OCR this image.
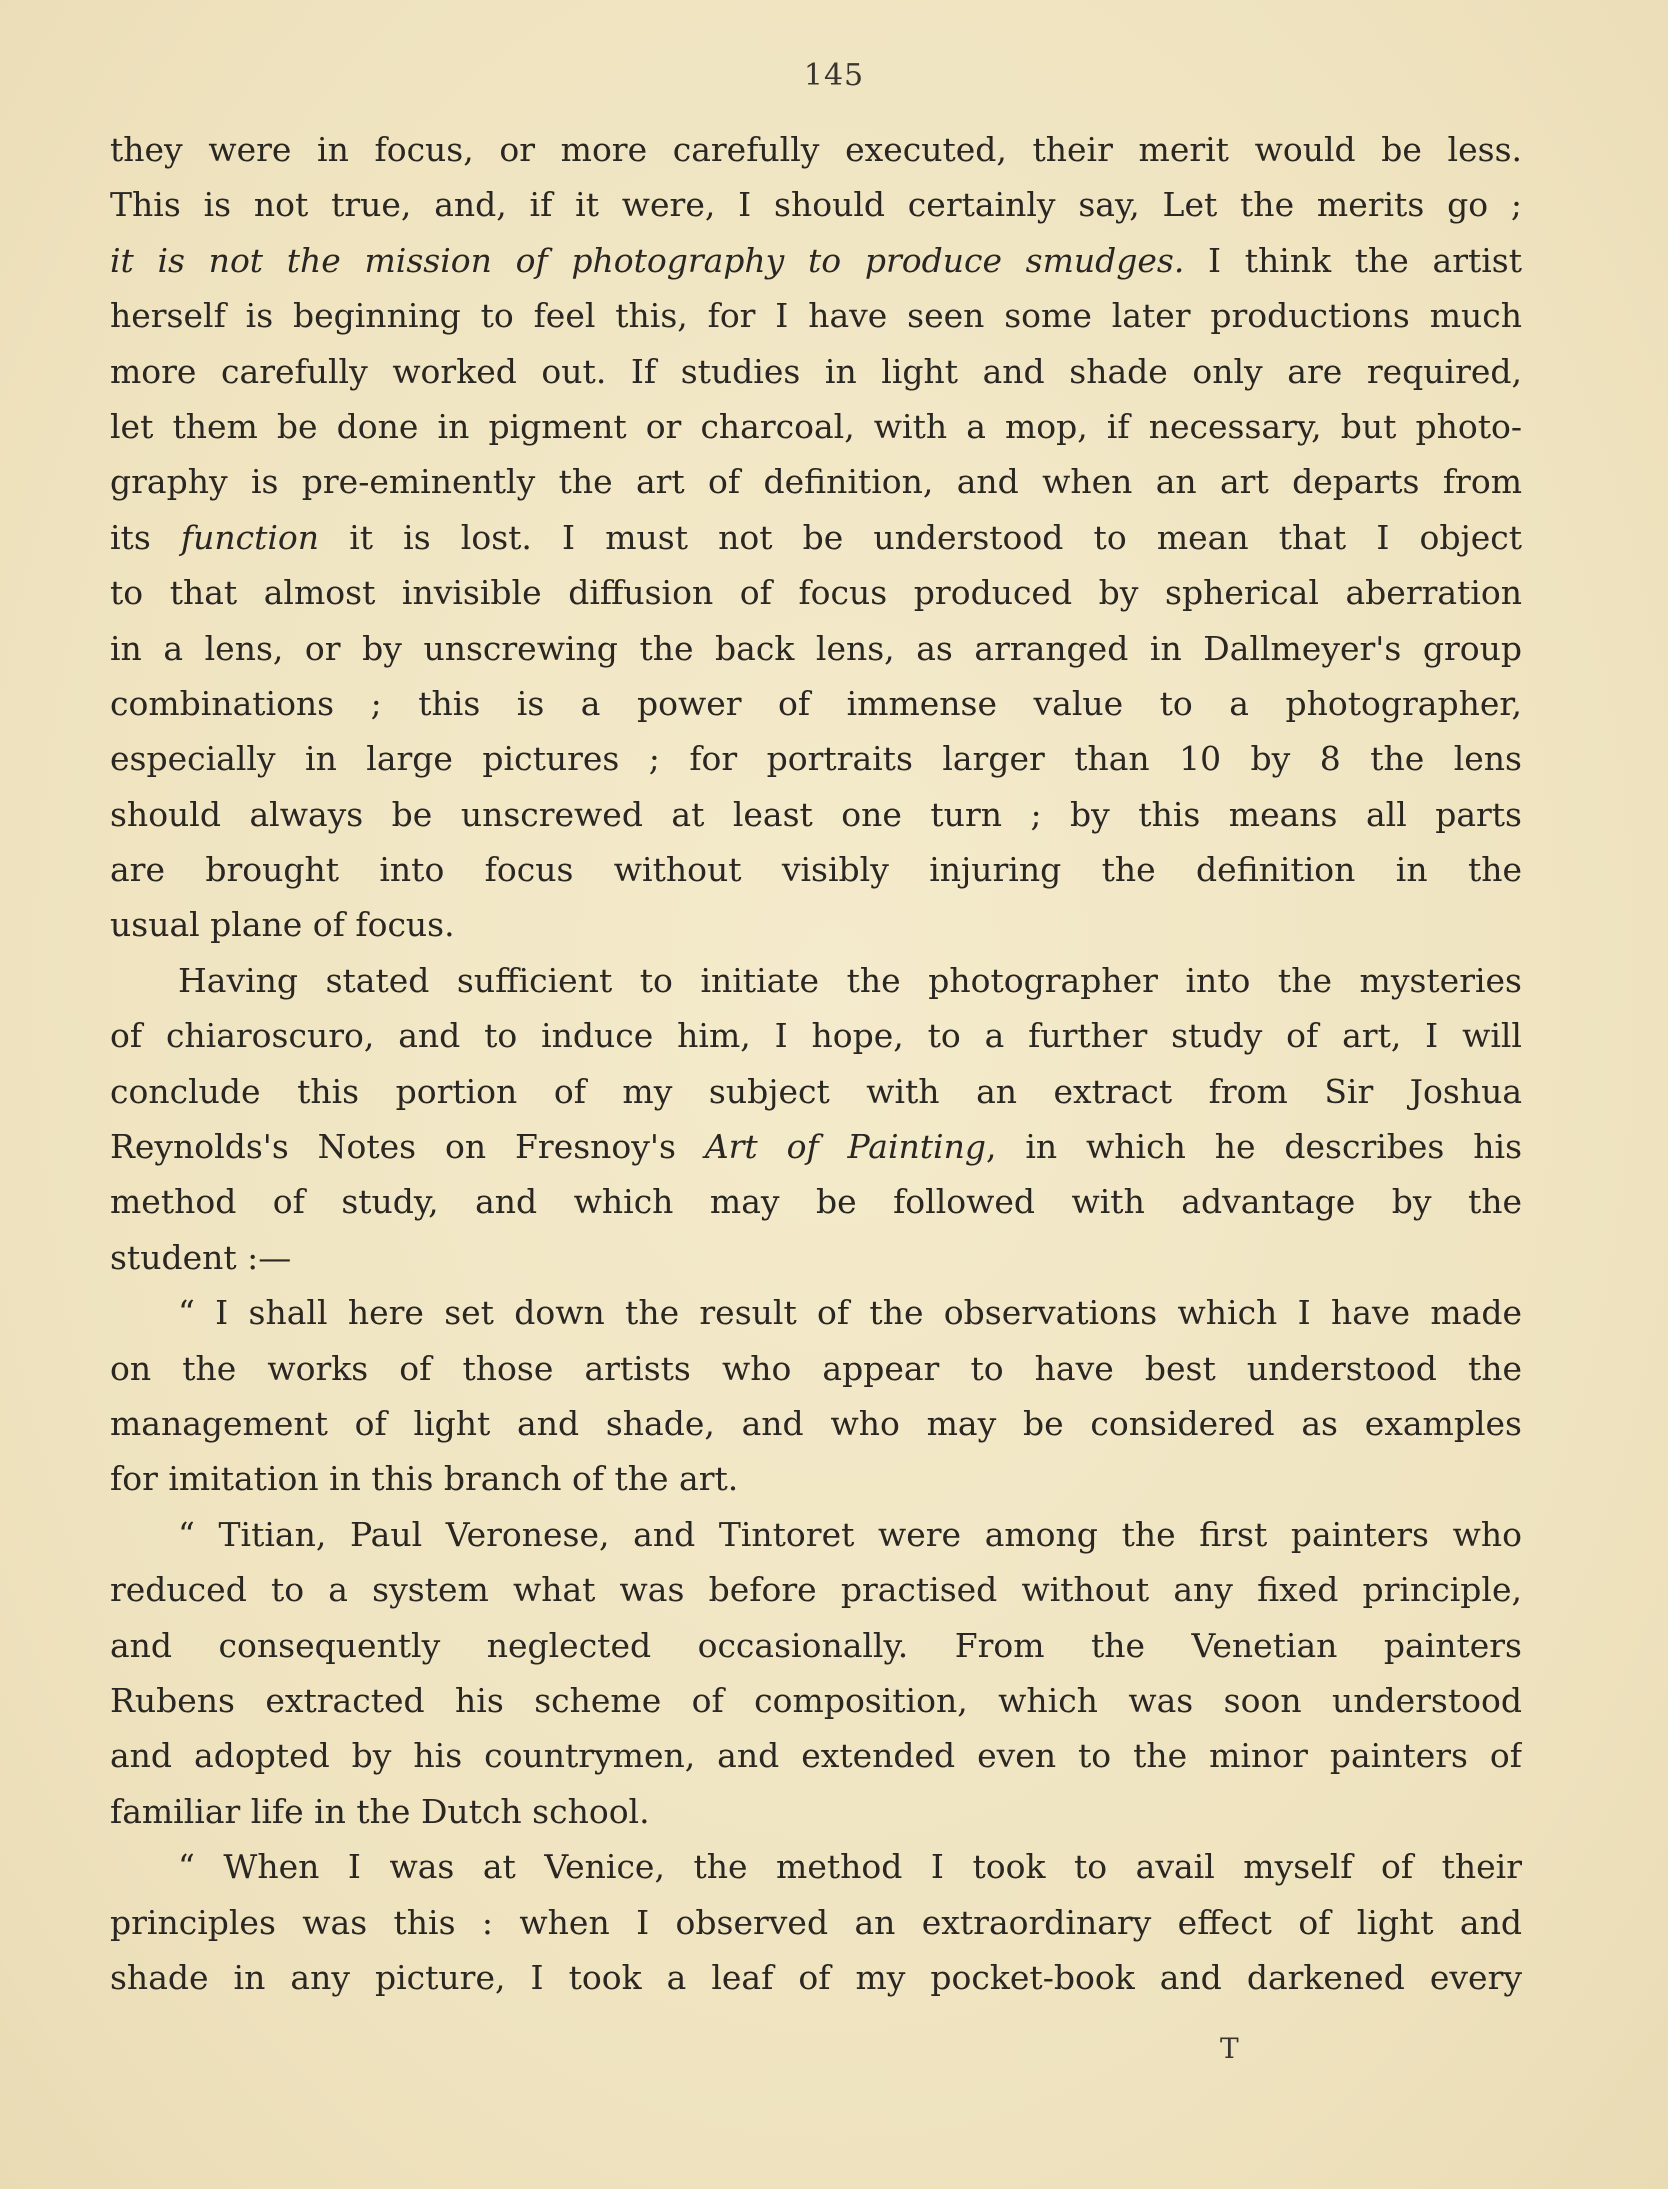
145
they were in focus, or more carefully executed, their merit would be less.
This is not true, and, if it were, I should certainly say, Let the merits go ;
it is not the mission of photography to produce smudges. I think the artist
herself is beginning to feel this, for I have seen some later productions much
more carefully worked out. If studies in light and shade only are required,
let them be done in pigment or charcoal, with a mop, if necessary, but photo-
graphy is pre-eminently the art of definition, and when an art departs from
its function it is lost. I must not be understood to mean that I object
to that almost invisible diffusion of focus produced by spherical aberration
in a lens, or by unscrewing the back lens, as arranged in Dallmeyer's group
combinations ; this is a power of immense value to a photographer,
especially in large pictures ; for portraits larger than 10 by 8 the lens
should always be unscrewed at least one turn ; by this means all parts
are brought into focus without visibly injuring the definition in the
usual plane of focus.
Having stated sufficient to initiate the photographer into the mysteries
of chiaroscuro, and to induce him, I hope, to a further study of art, I will
conclude this portion of my subject with an extract from Sir Joshua
Reynolds's Notes on Fresnoy's Art of Painting, in which he describes his
method of study, and which may be followed with advantage by the
student :—
“ I shall here set down the result of the observations which I have made
on the works of those artists who appear to have best understood the
management of light and shade, and who may be considered as examples
for imitation in this branch of the art.
“ Titian, Paul Veronese, and Tintoret were among the first painters who
reduced to a system what was before practised without any fixed principle,
and consequently neglected occasionally. From the Venetian painters
Rubens extracted his scheme of composition, which was soon understood
and adopted by his countrymen, and extended even to the minor painters of
familiar life in the Dutch school.
“ When I was at Venice, the method I took to avail myself of their
principles was this : when I observed an extraordinary effect of light and
shade in any picture, I took a leaf of my pocket-book and darkened every
T
